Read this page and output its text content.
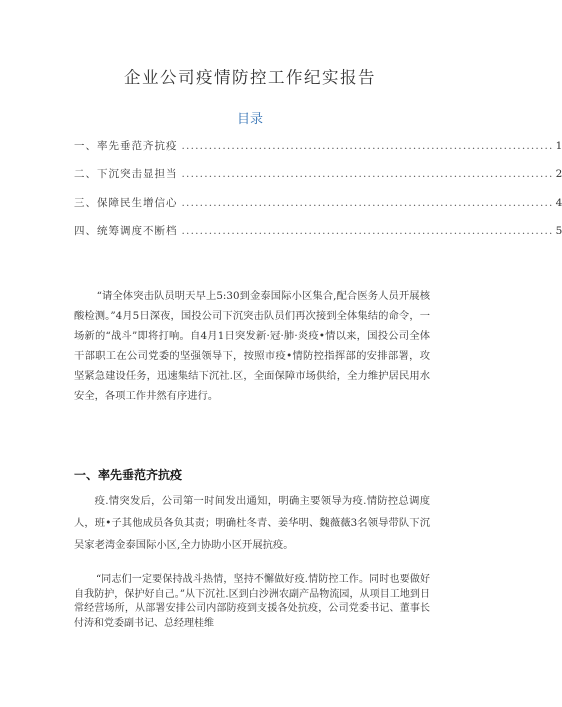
企业公司疫情防控工作纪实报告
目录
一、率先垂范齐抗疫 .................................................................................. 1
二、下沉突击显担当 .................................................................................. 2
三、保障民生增信心 .................................................................................. 4
四、统筹调度不断档 .................................................................................. 5

“请全体突击队员明天早上5:30到金泰国际小区集合,配合医务人员开展核酸检测。”4月5日深夜，国投公司下沉突击队员们再次接到全体集结的命令，一场新的“战斗”即将打响。自4月1日突发新·冠·肺·炎疫•情以来，国投公司全体干部职工在公司党委的坚强领导下，按照市疫•情防控指挥部的安排部署，攻坚紧急建设任务，迅速集结下沉社.区，全面保障市场供给，全力维护居民用水安全，各项工作井然有序进行。

一、率先垂范齐抗疫

疫.情突发后，公司第一时间发出通知，明确主要领导为疫.情防控总调度人，班•子其他成员各负其责；明确杜冬青、姜华明、魏薇薇3名领导带队下沉吴家老湾金泰国际小区,全力协助小区开展抗疫。

“同志们一定要保持战斗热情，坚持不懈做好疫.情防控工作。同时也要做好自我防护，保护好自己。”从下沉社.区到白沙洲农副产品物流园，从项目工地到日常经营场所，从部署安排公司内部防疫到支援各处抗疫，公司党委书记、董事长付涛和党委副书记、总经理桂维
